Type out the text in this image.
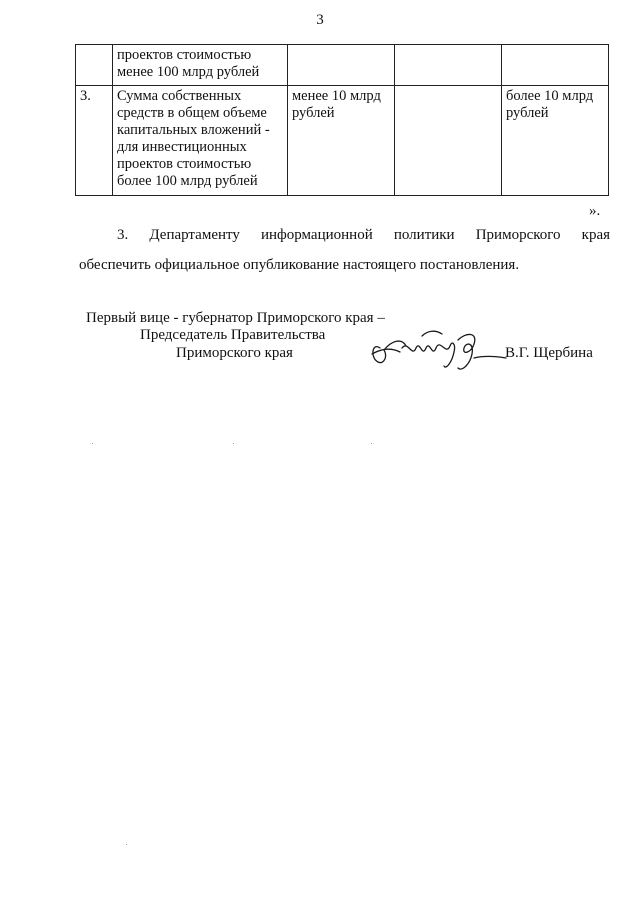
3
	проектов стоимостью менее 100 млрд рублей			
3.	Сумма собственных средств в общем объеме капитальных вложений - для инвестиционных проектов стоимостью более 100 млрд рублей	менее 10 млрд рублей		более 10 млрд рублей
».
3. Департаменту информационной политики Приморского края
обеспечить официальное опубликование настоящего постановления.
Первый вице - губернатор Приморского края –
Председатель Правительства
Приморского края	В.Г. Щербина
